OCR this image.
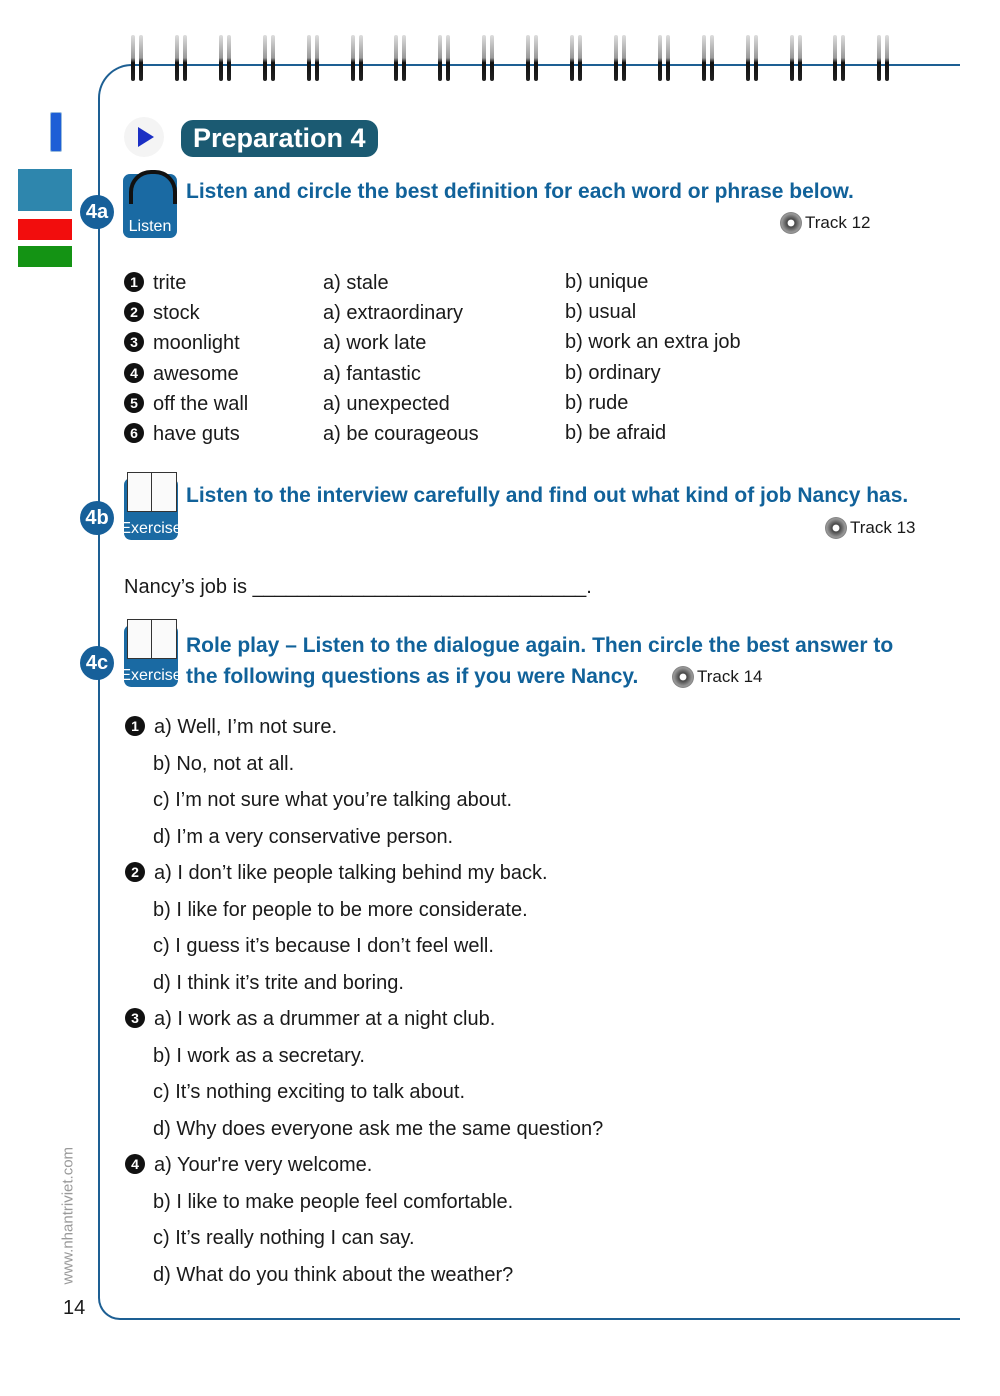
Preparation 4
4a
Listen
Listen and circle the best definition for each word or phrase below.
Track 12
4b Exercise
Listen to the interview carefully and find out what kind of job Nancy has.
Track 13
Nancy’s job is ______________________________.
4c
Exercise
Role play – Listen to the dialogue again. Then circle the best answer to
the following questions as if you were Nancy.	Track 14
www.nhantriviet.com
14
1 trite	a) stale	b) unique
2 stock	a) extraordinary	b) usual
3 moonlight	a) work late	b) work an extra job
4 awesome	a) fantastic	b) ordinary
5 off the wall	a) unexpected	b) rude
6 have guts	a) be courageous	b) be afraid
1 a) Well, I’m not sure.
b) No, not at all.
c) I’m not sure what you’re talking about.
d) I’m a very conservative person.
2 a) I don’t like people talking behind my back.
b) I like for people to be more considerate.
c) I guess it’s because I don’t feel well.
d) I think it’s trite and boring.
3 a) I work as a drummer at a night club.
b) I work as a secretary.
c) It’s nothing exciting to talk about.
d) Why does everyone ask me the same question?
4 a) Your're very welcome.
b) I like to make people feel comfortable.
c) It’s really nothing I can say.
d) What do you think about the weather?
